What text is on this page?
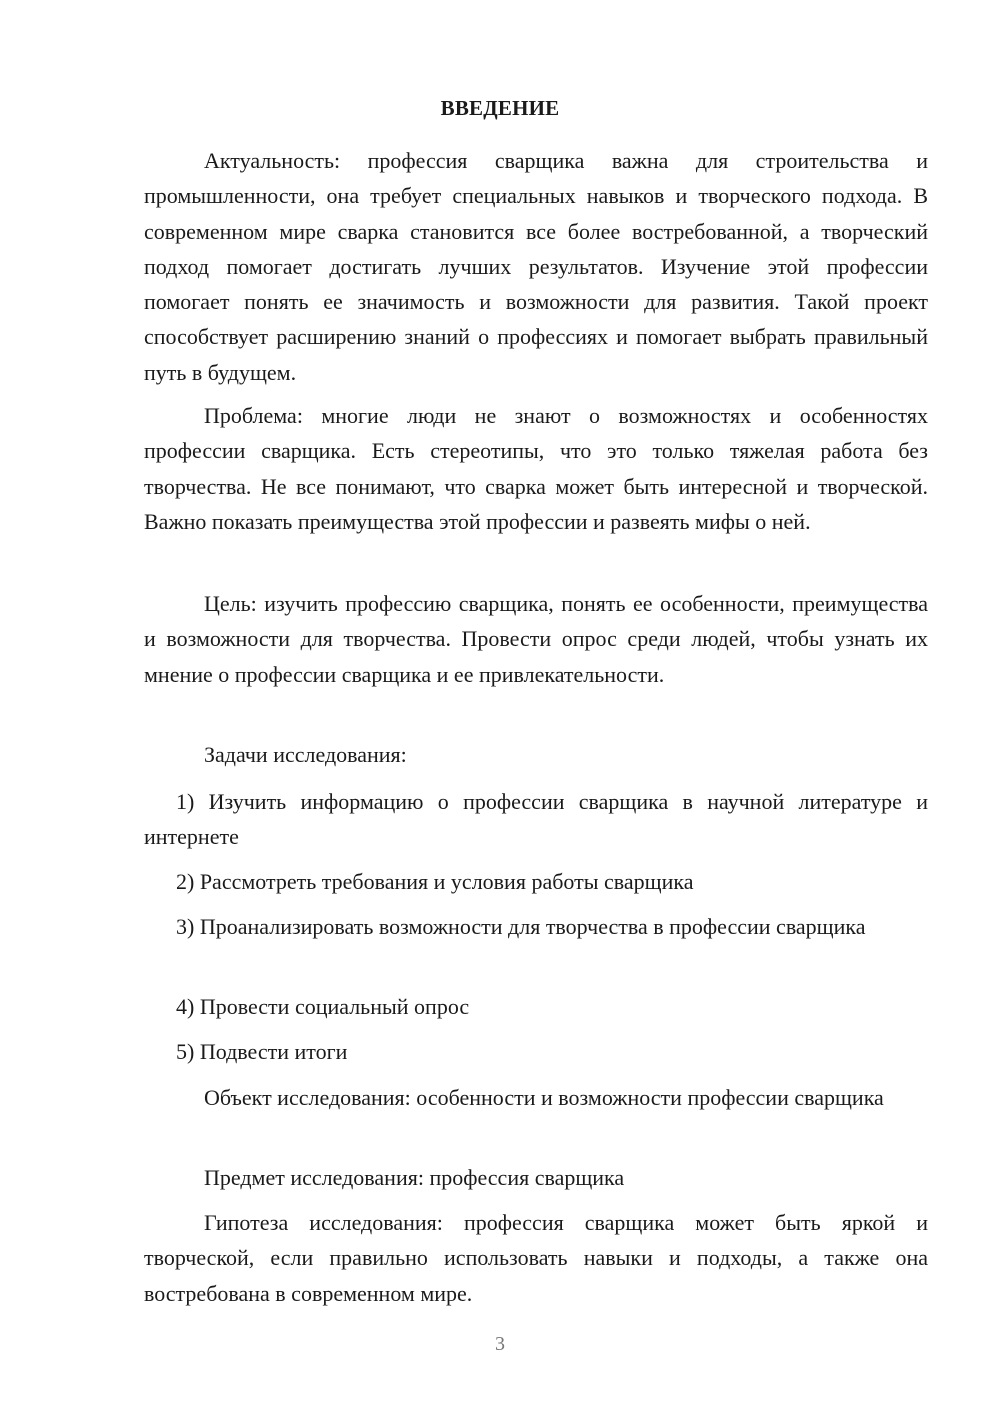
ВВЕДЕНИЕ

Актуальность: профессия сварщика важна для строительства и промышленности, она требует специальных навыков и творческого подхода. В современном мире сварка становится все более востребованной, а творческий подход помогает достигать лучших результатов. Изучение этой профессии помогает понять ее значимость и возможности для развития. Такой проект способствует расширению знаний о профессиях и помогает выбрать правильный путь в будущем.

Проблема: многие люди не знают о возможностях и особенностях профессии сварщика. Есть стереотипы, что это только тяжелая работа без творчества. Не все понимают, что сварка может быть интересной и творческой. Важно показать преимущества этой профессии и развеять мифы о ней.

Цель: изучить профессию сварщика, понять ее особенности, преимущества и возможности для творчества. Провести опрос среди людей, чтобы узнать их мнение о профессии сварщика и ее привлекательности.

Задачи исследования:

1) Изучить информацию о профессии сварщика в научной литературе и интернете

2) Рассмотреть требования и условия работы сварщика

3) Проанализировать возможности для творчества в профессии сварщика

4) Провести социальный опрос

5) Подвести итоги

Объект исследования: особенности и возможности профессии сварщика

Предмет исследования: профессия сварщика

Гипотеза исследования: профессия сварщика может быть яркой и творческой, если правильно использовать навыки и подходы, а также она востребована в современном мире.

3
